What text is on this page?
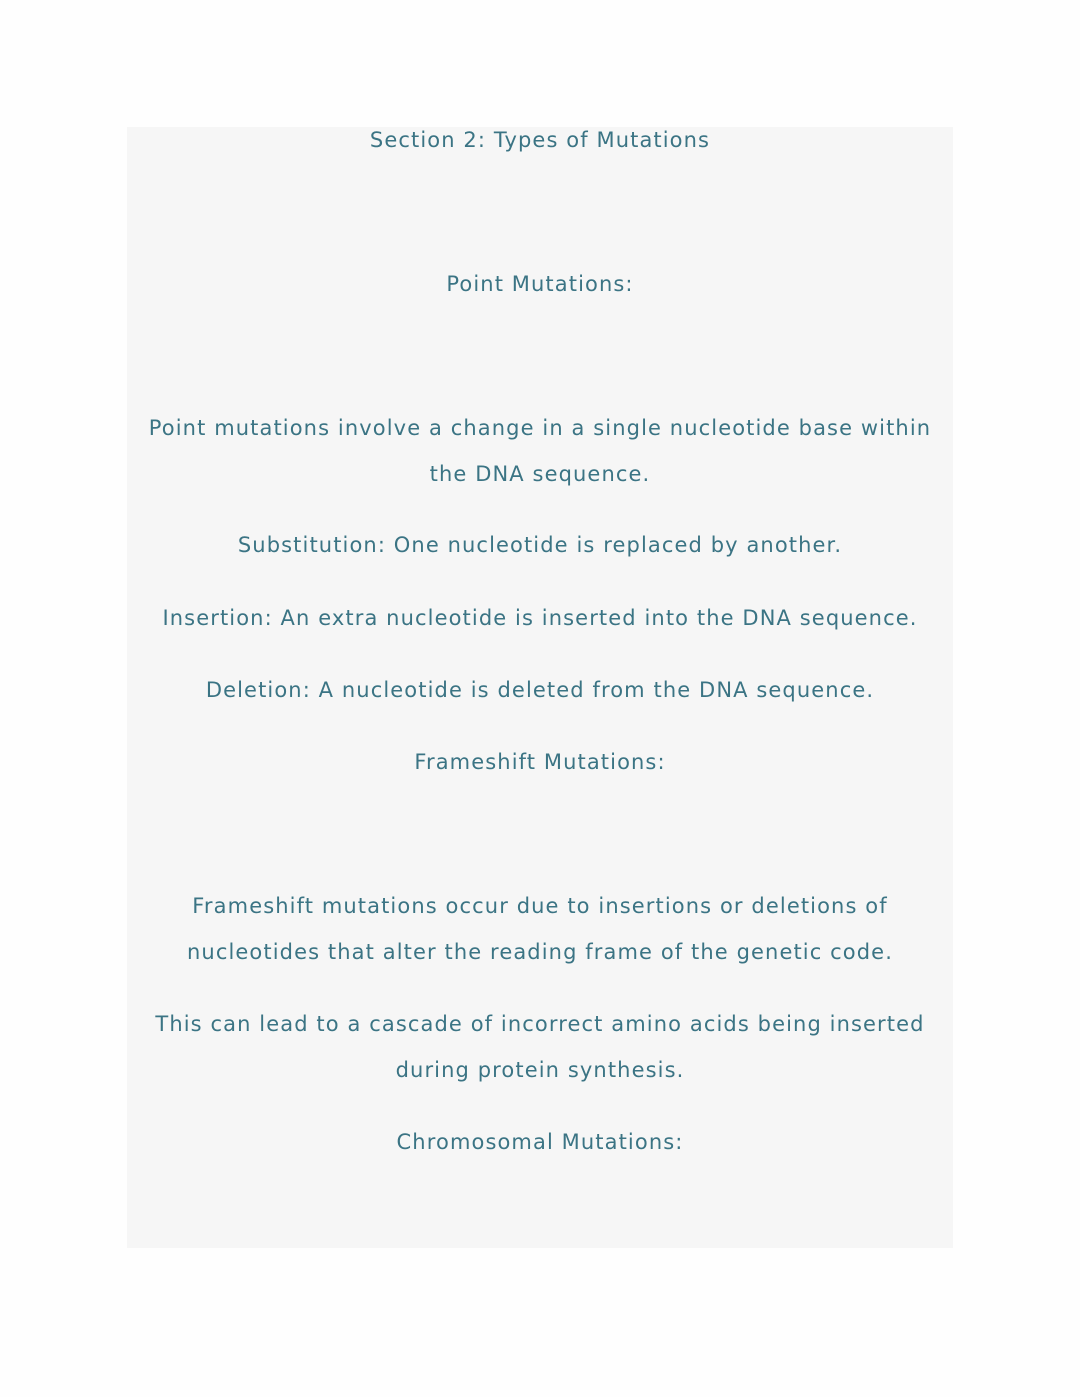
Section 2: Types of Mutations
Point Mutations:
Point mutations involve a change in a single nucleotide base within
the DNA sequence.
Substitution: One nucleotide is replaced by another.
Insertion: An extra nucleotide is inserted into the DNA sequence.
Deletion: A nucleotide is deleted from the DNA sequence.
Frameshift Mutations:
Frameshift mutations occur due to insertions or deletions of
nucleotides that alter the reading frame of the genetic code.
This can lead to a cascade of incorrect amino acids being inserted
during protein synthesis.
Chromosomal Mutations:
